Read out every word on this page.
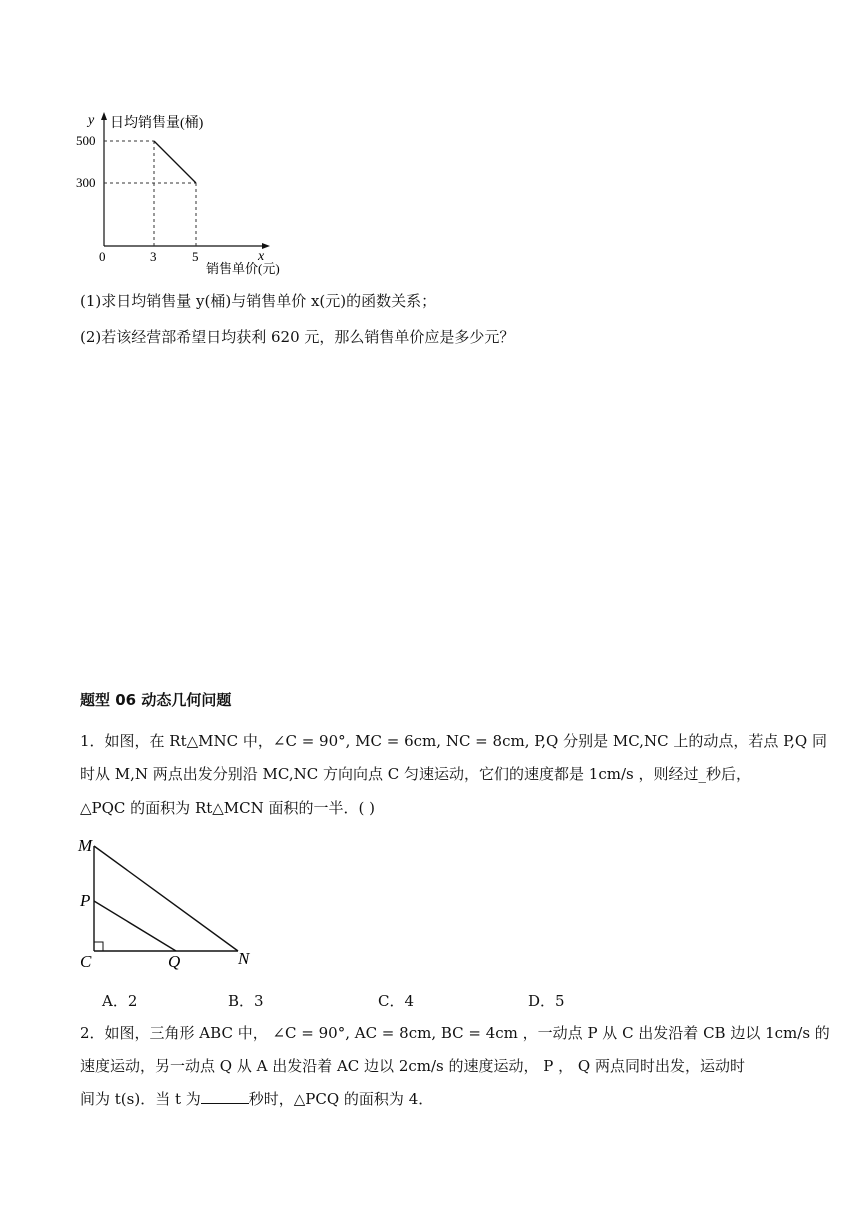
y 日均销售量(桶)
500
300
0	3	5	x
销售单价(元)
(1)求日均销售量 y(桶)与销售单价 x(元)的函数关系；
(2)若该经营部希望日均获利 620 元，那么销售单价应是多少元？
题型 06 动态几何问题
1．如图，在 Rt△MNC 中，∠C = 90°, MC = 6cm, NC = 8cm, P,Q 分别是 MC,NC 上的动点，若点 P,Q 同
时从 M,N 两点出发分别沿 MC,NC 方向向点 C 匀速运动，它们的速度都是 1cm/s ，则经过_秒后，
△PQC 的面积为 Rt△MCN 面积的一半．( )
M
P
C	Q	N
A．2	B．3	C．4	D．5
2．如图，三角形 ABC 中， ∠C = 90°, AC = 8cm, BC = 4cm ，一动点 P 从 C 出发沿着 CB 边以 1cm/s 的
速度运动，另一动点 Q 从 A 出发沿着 AC 边以 2cm/s 的速度运动， P ， Q 两点同时出发，运动时
间为 t(s)．当 t 为	秒时，△PCQ 的面积为 4．
